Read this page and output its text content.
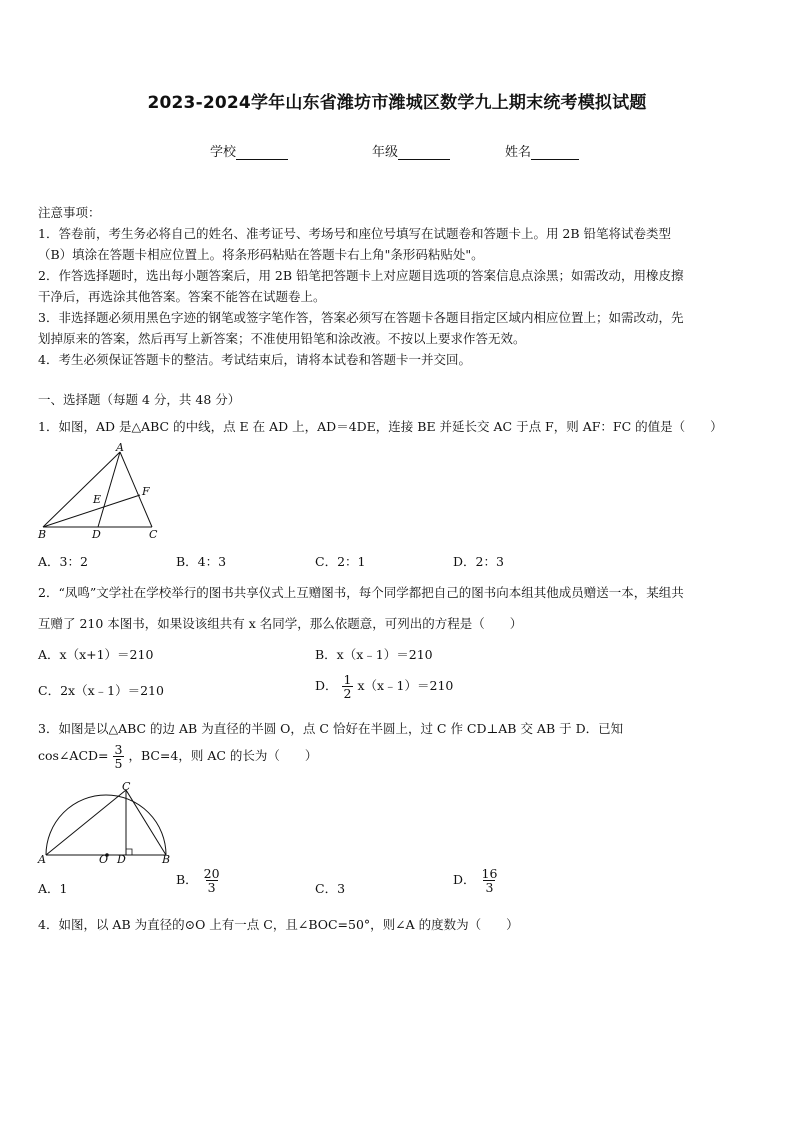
2023-2024学年山东省潍坊市潍城区数学九上期末统考模拟试题
学校	年级	姓名
注意事项：
1．答卷前，考生务必将自己的姓名、准考证号、考场号和座位号填写在试题卷和答题卡上。用 2B 铅笔将试卷类型
（B）填涂在答题卡相应位置上。将条形码粘贴在答题卡右上角"条形码粘贴处"。
2．作答选择题时，选出每小题答案后，用 2B 铅笔把答题卡上对应题目选项的答案信息点涂黑；如需改动，用橡皮擦
干净后，再选涂其他答案。答案不能答在试题卷上。
3．非选择题必须用黑色字迹的钢笔或签字笔作答，答案必须写在答题卡各题目指定区域内相应位置上；如需改动，先
划掉原来的答案，然后再写上新答案；不准使用铅笔和涂改液。不按以上要求作答无效。
4．考生必须保证答题卡的整洁。考试结束后，请将本试卷和答题卡一并交回。
一、选择题（每题 4 分，共 48 分）
1．如图，AD 是△ABC 的中线，点 E 在 AD 上，AD＝4DE，连接 BE 并延长交 AC 于点 F，则 AF：FC 的值是（　　）
A
B	C
D
E
F
A．3：2	B．4：3	C．2：1	D．2：3
2．“凤鸣”文学社在学校举行的图书共享仪式上互赠图书，每个同学都把自己的图书向本组其他成员赠送一本，某组共
互赠了 210 本图书，如果设该组共有 x 名同学，那么依题意，可列出的方程是（　　）
A．x（x+1）＝210	B．x（x﹣1）＝210
C．2x（x﹣1）＝210	D． $\frac{1}{2}$ x（x﹣1）＝210
3．如图是以△ABC 的边 AB 为直径的半圆 O，点 C 恰好在半圆上，过 C 作 CD⊥AB 交 AB 于 D．已知
cos∠ACD= $\frac{3}{5}$ ，BC=4，则 AC 的长为（　　）
C
A	B
O D
A．1
B． $\frac{20}{3}$	C．3
D． $\frac{16}{3}$
4．如图，以 AB 为直径的⊙O 上有一点 C，且∠BOC=50°，则∠A 的度数为（　　）
